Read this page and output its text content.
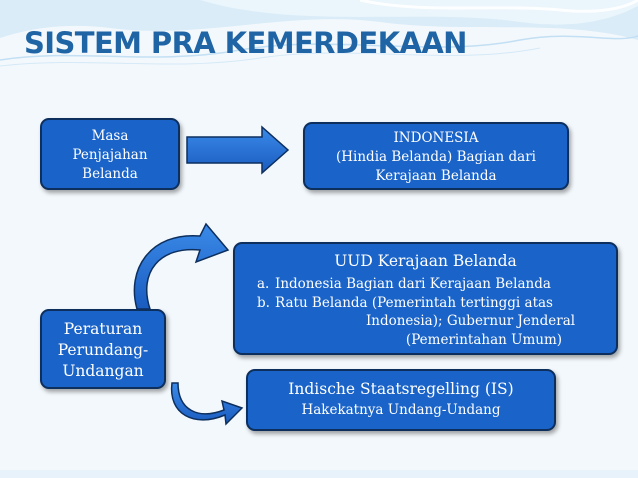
SISTEM PRA KEMERDEKAAN
Masa
Penjajahan
Belanda
INDONESIA
(Hindia Belanda) Bagian dari
Kerajaan Belanda
UUD Kerajaan Belanda
a. Indonesia Bagian dari Kerajaan Belanda
b. Ratu Belanda (Pemerintah tertinggi atas
Indonesia); Gubernur Jenderal
(Pemerintahan Umum)
Peraturan
Perundang-
Undangan
Indische Staatsregelling (IS)
Hakekatnya Undang-Undang
